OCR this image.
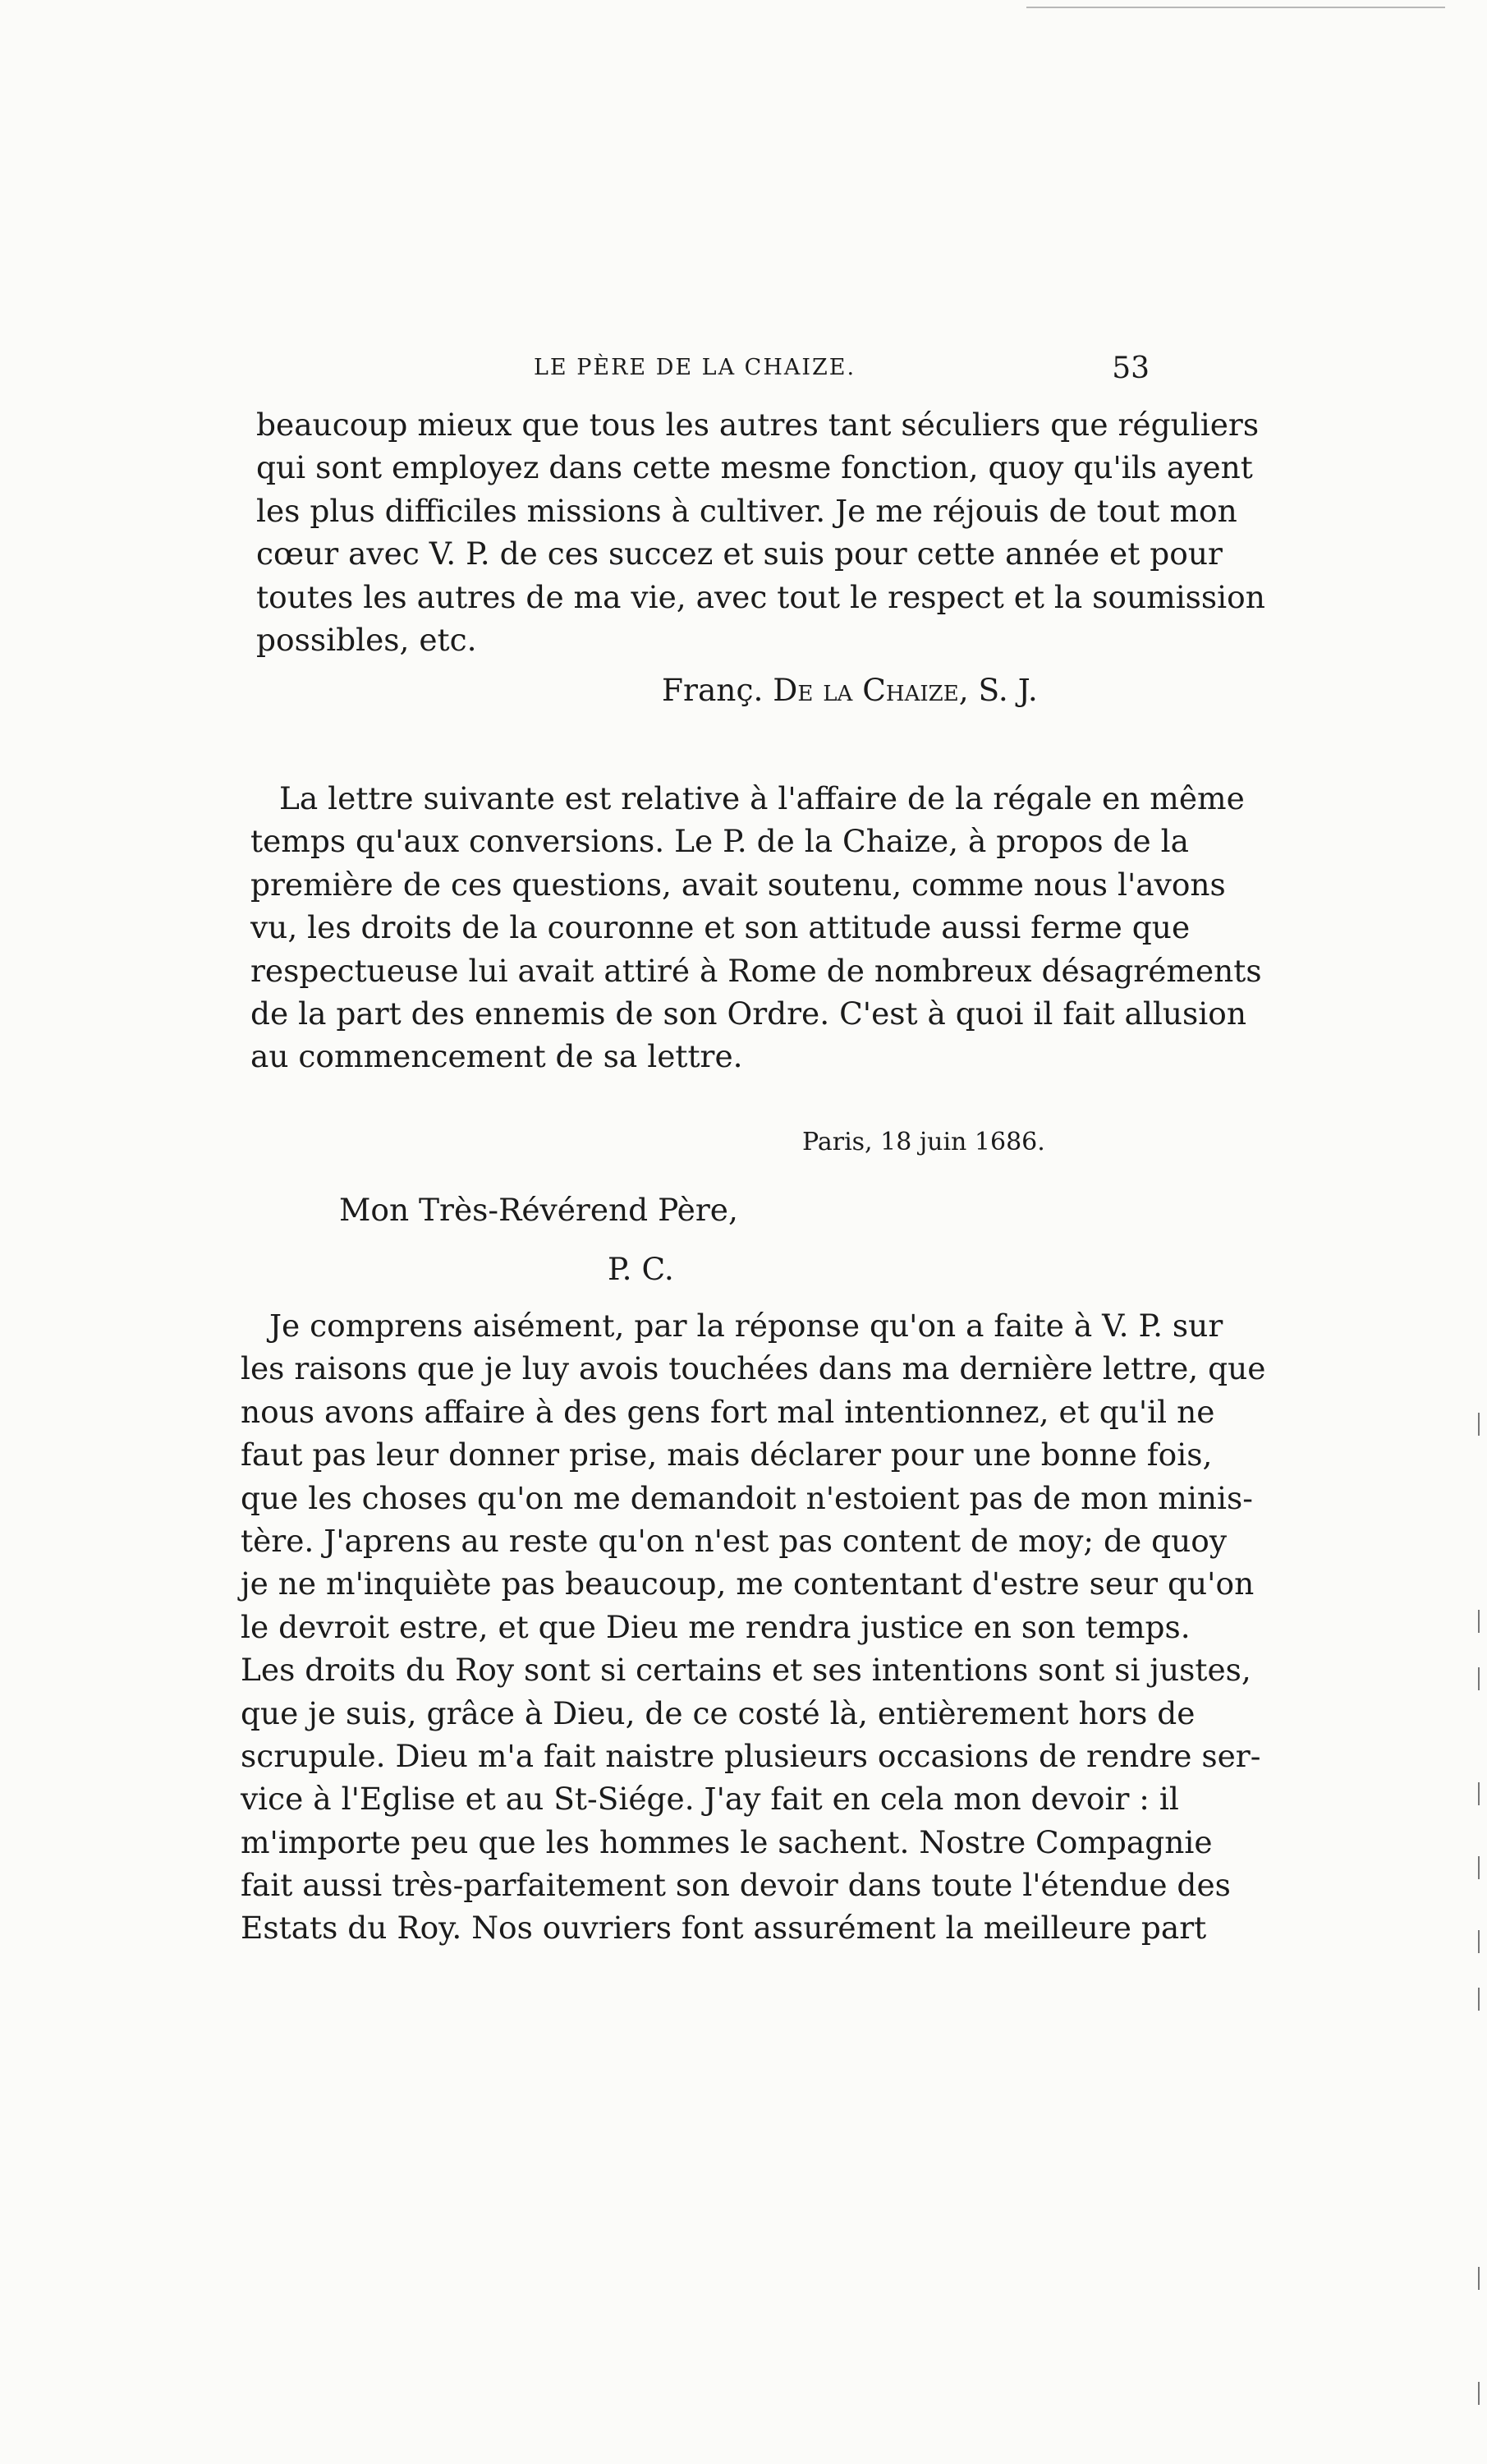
LE PÈRE DE LA CHAIZE.	53
beaucoup mieux que tous les autres tant séculiers que réguliers
qui sont employez dans cette mesme fonction, quoy qu'ils ayent
les plus difficiles missions à cultiver. Je me réjouis de tout mon
cœur avec V. P. de ces succez et suis pour cette année et pour
toutes les autres de ma vie, avec tout le respect et la soumission
possibles, etc.
Franç. De la Chaize, S. J.
La lettre suivante est relative à l'affaire de la régale en même
temps qu'aux conversions. Le P. de la Chaize, à propos de la
première de ces questions, avait soutenu, comme nous l'avons
vu, les droits de la couronne et son attitude aussi ferme que
respectueuse lui avait attiré à Rome de nombreux désagréments
de la part des ennemis de son Ordre. C'est à quoi il fait allusion
au commencement de sa lettre.
Paris, 18 juin 1686.
Mon Très-Révérend Père,
P. C.
Je comprens aisément, par la réponse qu'on a faite à V. P. sur
les raisons que je luy avois touchées dans ma dernière lettre, que
nous avons affaire à des gens fort mal intentionnez, et qu'il ne
faut pas leur donner prise, mais déclarer pour une bonne fois,
que les choses qu'on me demandoit n'estoient pas de mon minis-
tère. J'aprens au reste qu'on n'est pas content de moy; de quoy
je ne m'inquiète pas beaucoup, me contentant d'estre seur qu'on
le devroit estre, et que Dieu me rendra justice en son temps.
Les droits du Roy sont si certains et ses intentions sont si justes,
que je suis, grâce à Dieu, de ce costé là, entièrement hors de
scrupule. Dieu m'a fait naistre plusieurs occasions de rendre ser-
vice à l'Eglise et au St-Siége. J'ay fait en cela mon devoir : il
m'importe peu que les hommes le sachent. Nostre Compagnie
fait aussi très-parfaitement son devoir dans toute l'étendue des
Estats du Roy. Nos ouvriers font assurément la meilleure part
